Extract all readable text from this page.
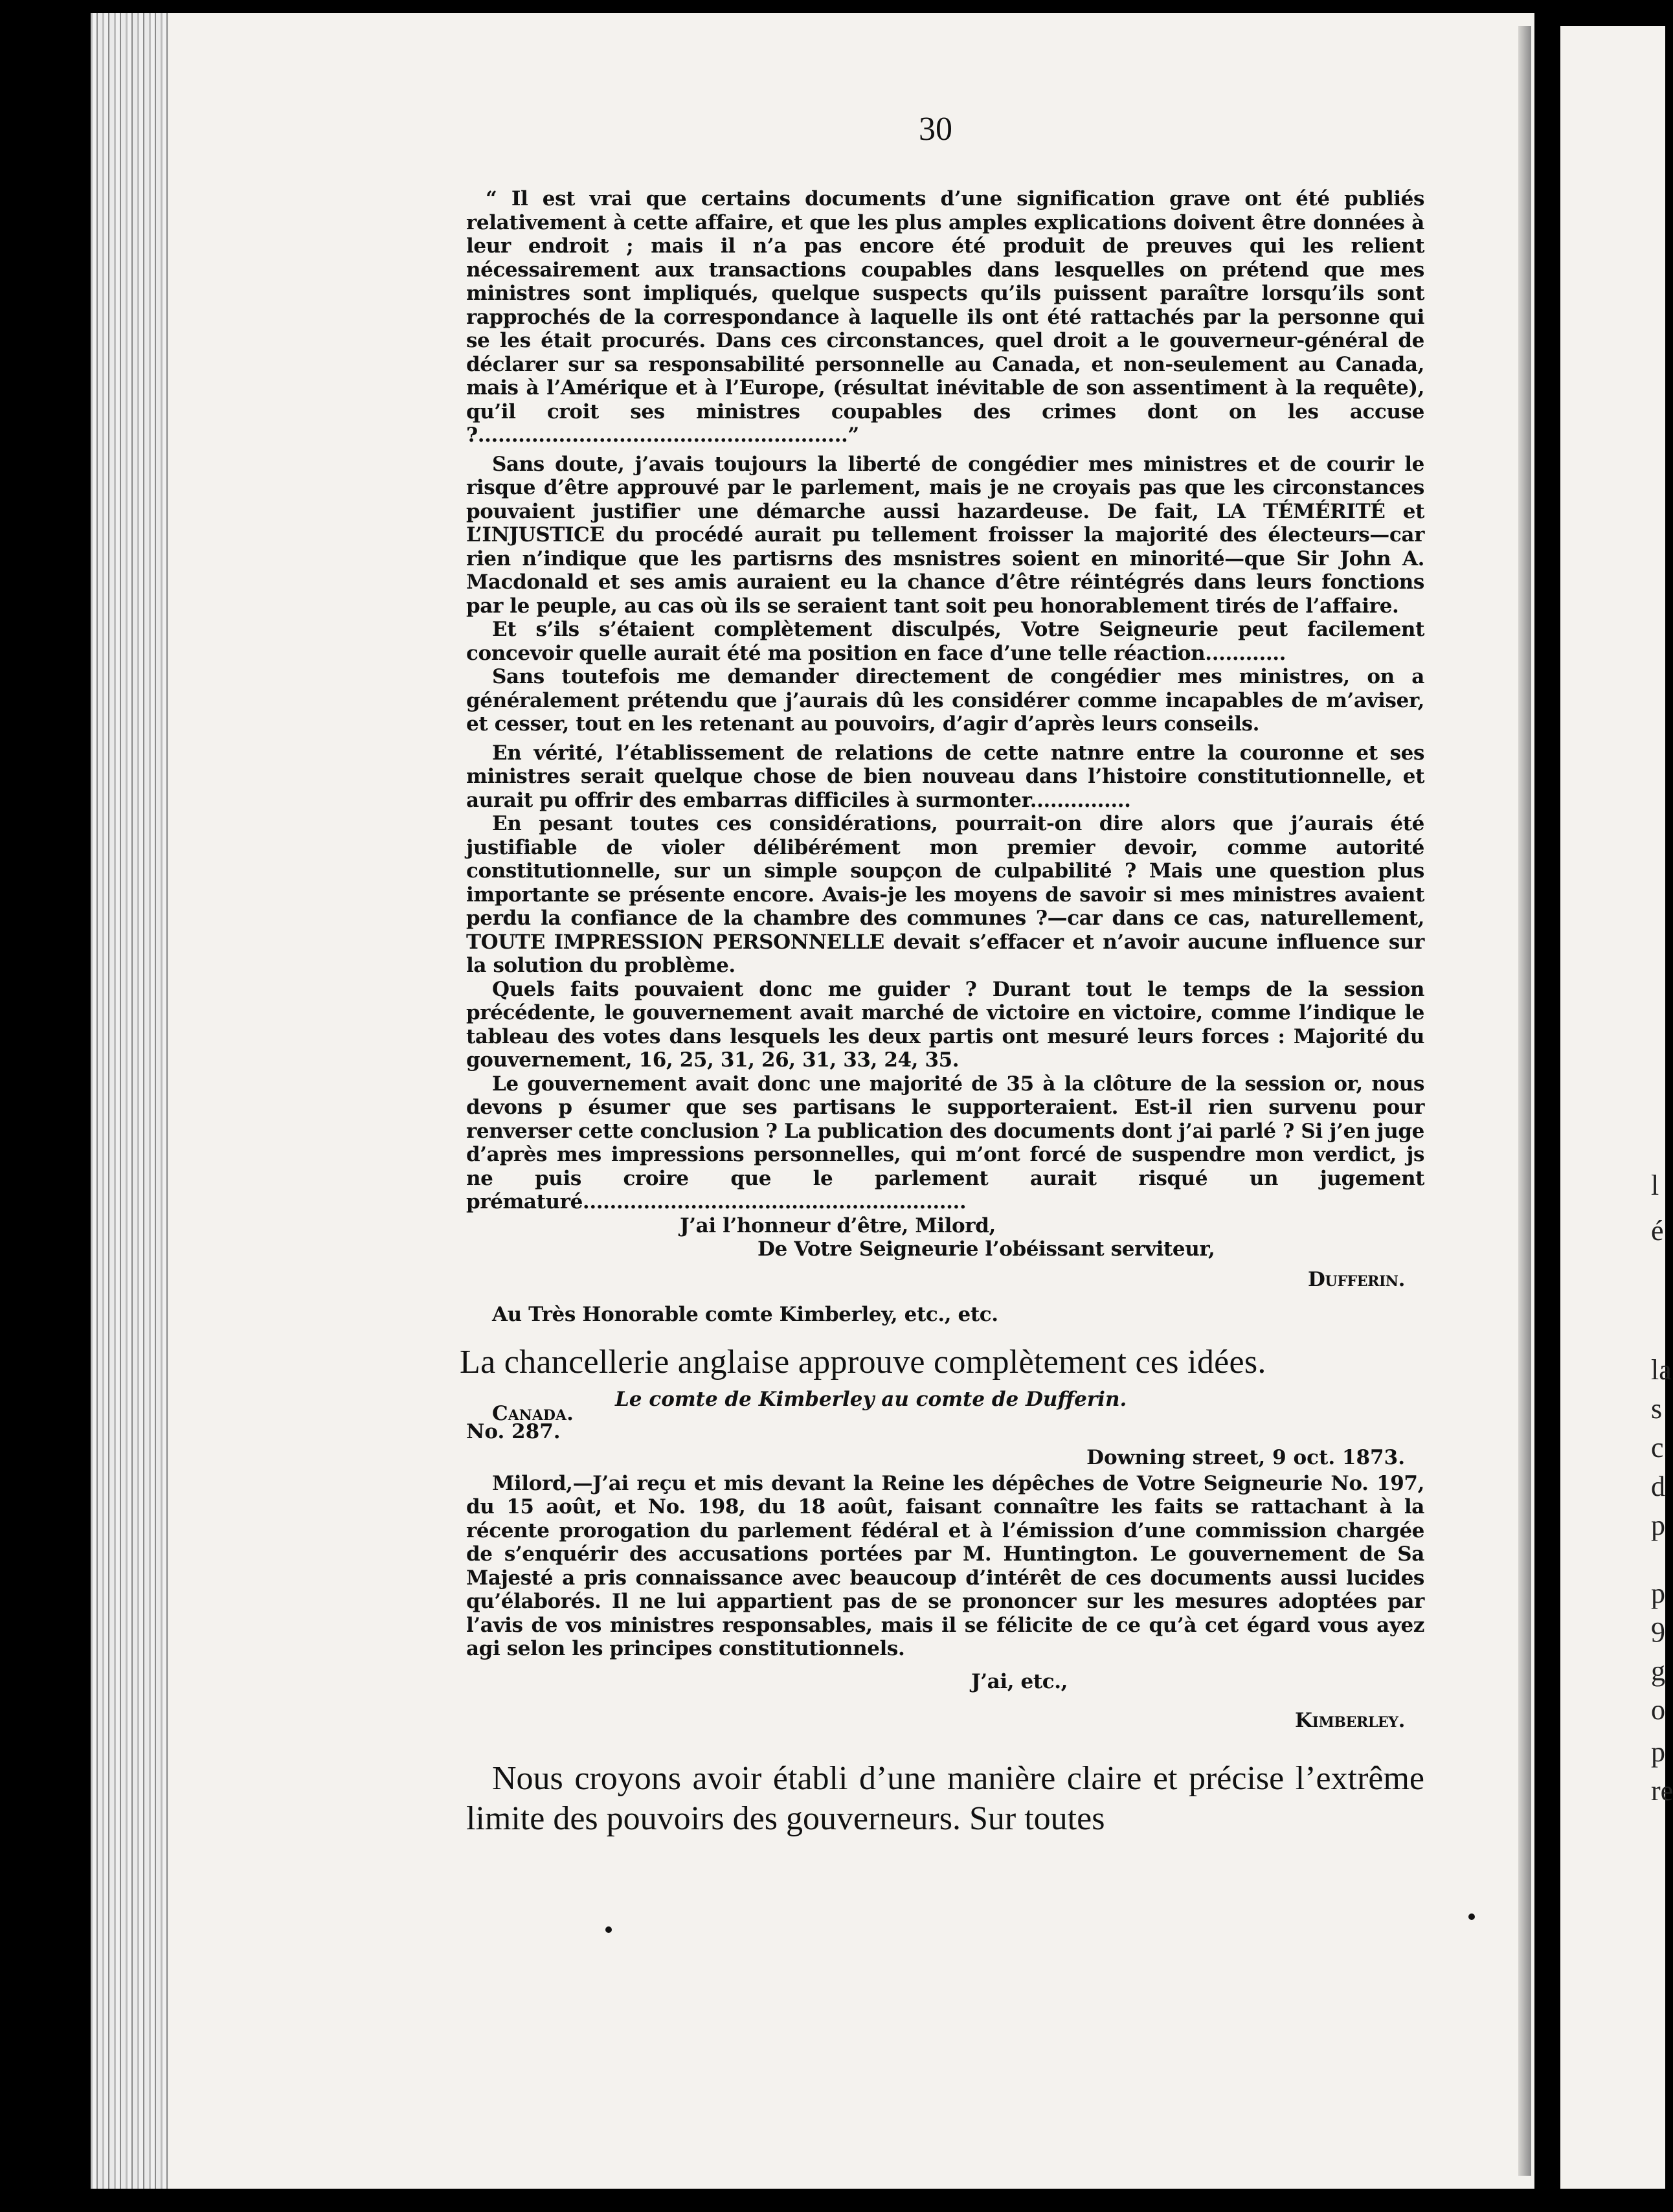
l
é
la
s
c
d
p
p
9
g
o
p
re
30

“ Il est vrai que certains documents d’une signification grave ont été publiés relativement à cette affaire, et que les plus amples explications doivent être données à leur endroit ; mais il n’a pas encore été produit de preuves qui les relient nécessairement aux transactions coupables dans lesquelles on prétend que mes ministres sont impliqués, quelque suspects qu’ils puissent paraître lorsqu’ils sont rapprochés de la correspondance à laquelle ils ont été rattachés par la personne qui se les était procurés. Dans ces circonstances, quel droit a le gouverneur-général de déclarer sur sa responsabilité personnelle au Canada, et non-seulement au Canada, mais à l’Amérique et à l’Europe, (résultat inévitable de son assentiment à la requête), qu’il croit ses ministres coupables des crimes dont on les accuse ?.......................................................”

Sans doute, j’avais toujours la liberté de congédier mes ministres et de courir le risque d’être approuvé par le parlement, mais je ne croyais pas que les circonstances pouvaient justifier une démarche aussi hazardeuse. De fait, LA TÉMÉRITÉ et L’INJUSTICE du procédé aurait pu tellement froisser la majorité des électeurs—car rien n’indique que les partisrns des msnistres soient en minorité—que Sir John A. Macdonald et ses amis auraient eu la chance d’être réintégrés dans leurs fonctions par le peuple, au cas où ils se seraient tant soit peu honorablement tirés de l’affaire.

Et s’ils s’étaient complètement disculpés, Votre Seigneurie peut facilement concevoir quelle aurait été ma position en face d’une telle réaction............

Sans toutefois me demander directement de congédier mes ministres, on a généralement prétendu que j’aurais dû les considérer comme incapables de m’aviser, et cesser, tout en les retenant au pouvoirs, d’agir d’après leurs conseils.

En vérité, l’établissement de relations de cette natnre entre la couronne et ses ministres serait quelque chose de bien nouveau dans l’histoire constitutionnelle, et aurait pu offrir des embarras difficiles à surmonter...............

En pesant toutes ces considérations, pourrait-on dire alors que j’aurais été justifiable de violer délibérément mon premier devoir, comme autorité constitutionnelle, sur un simple soupçon de culpabilité ? Mais une question plus importante se présente encore. Avais-je les moyens de savoir si mes ministres avaient perdu la confiance de la chambre des communes ?—car dans ce cas, naturellement, TOUTE IMPRESSION PERSONNELLE devait s’effacer et n’avoir aucune influence sur la solution du problème.

Quels faits pouvaient donc me guider ? Durant tout le temps de la session précédente, le gouvernement avait marché de victoire en victoire, comme l’indique le tableau des votes dans lesquels les deux partis ont mesuré leurs forces : Majorité du gouvernement, 16, 25, 31, 26, 31, 33, 24, 35.

Le gouvernement avait donc une majorité de 35 à la clôture de la session or, nous devons p ésumer que ses partisans le supporteraient. Est-il rien survenu pour renverser cette conclusion ? La publication des documents dont j’ai parlé ? Si j’en juge d’après mes impressions personnelles, qui m’ont forcé de suspendre mon verdict, js ne puis croire que le parlement aurait risqué un jugement prématuré.........................................................

J’ai l’honneur d’être, Milord,

De Votre Seigneurie l’obéissant serviteur,

Dufferin.

Au Très Honorable comte Kimberley, etc., etc.

La chancellerie anglaise approuve complètement ces idées.
Le comte de Kimberley au comte de Dufferin.
Canada.
No. 287.
Downing street, 9 oct. 1873.

Milord,—J’ai reçu et mis devant la Reine les dépêches de Votre Seigneurie No. 197, du 15 août, et No. 198, du 18 août, faisant connaître les faits se rattachant à la récente prorogation du parlement fédéral et à l’émission d’une commission chargée de s’enquérir des accusations portées par M. Huntington. Le gouvernement de Sa Majesté a pris connaissance avec beaucoup d’intérêt de ces documents aussi lucides qu’élaborés. Il ne lui appartient pas de se prononcer sur les mesures adoptées par l’avis de vos ministres responsables, mais il se félicite de ce qu’à cet égard vous ayez agi selon les principes constitutionnels.

J’ai, etc.,

Kimberley.

Nous croyons avoir établi d’une manière claire et précise l’extrême limite des pouvoirs des gouverneurs. Sur toutes
